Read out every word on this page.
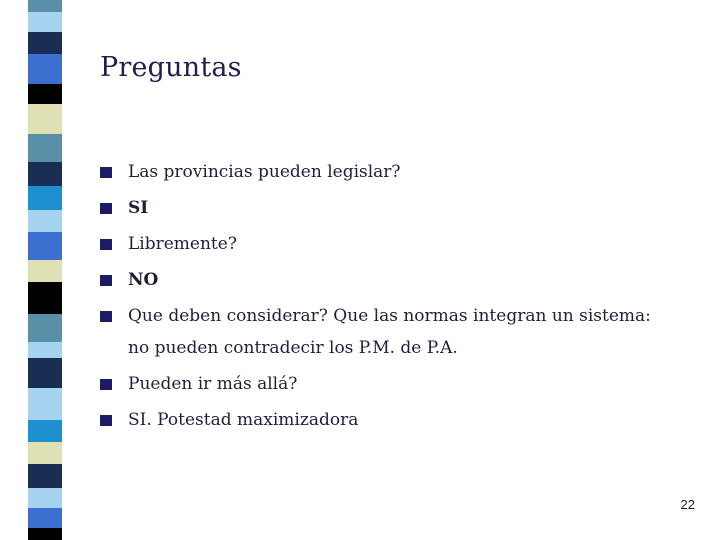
Preguntas
Las provincias pueden legislar?
SI
Libremente?
NO
Que deben considerar? Que las normas integran un sistema: no pueden contradecir los P.M. de P.A.
Pueden ir más allá?
SI. Potestad maximizadora
22
